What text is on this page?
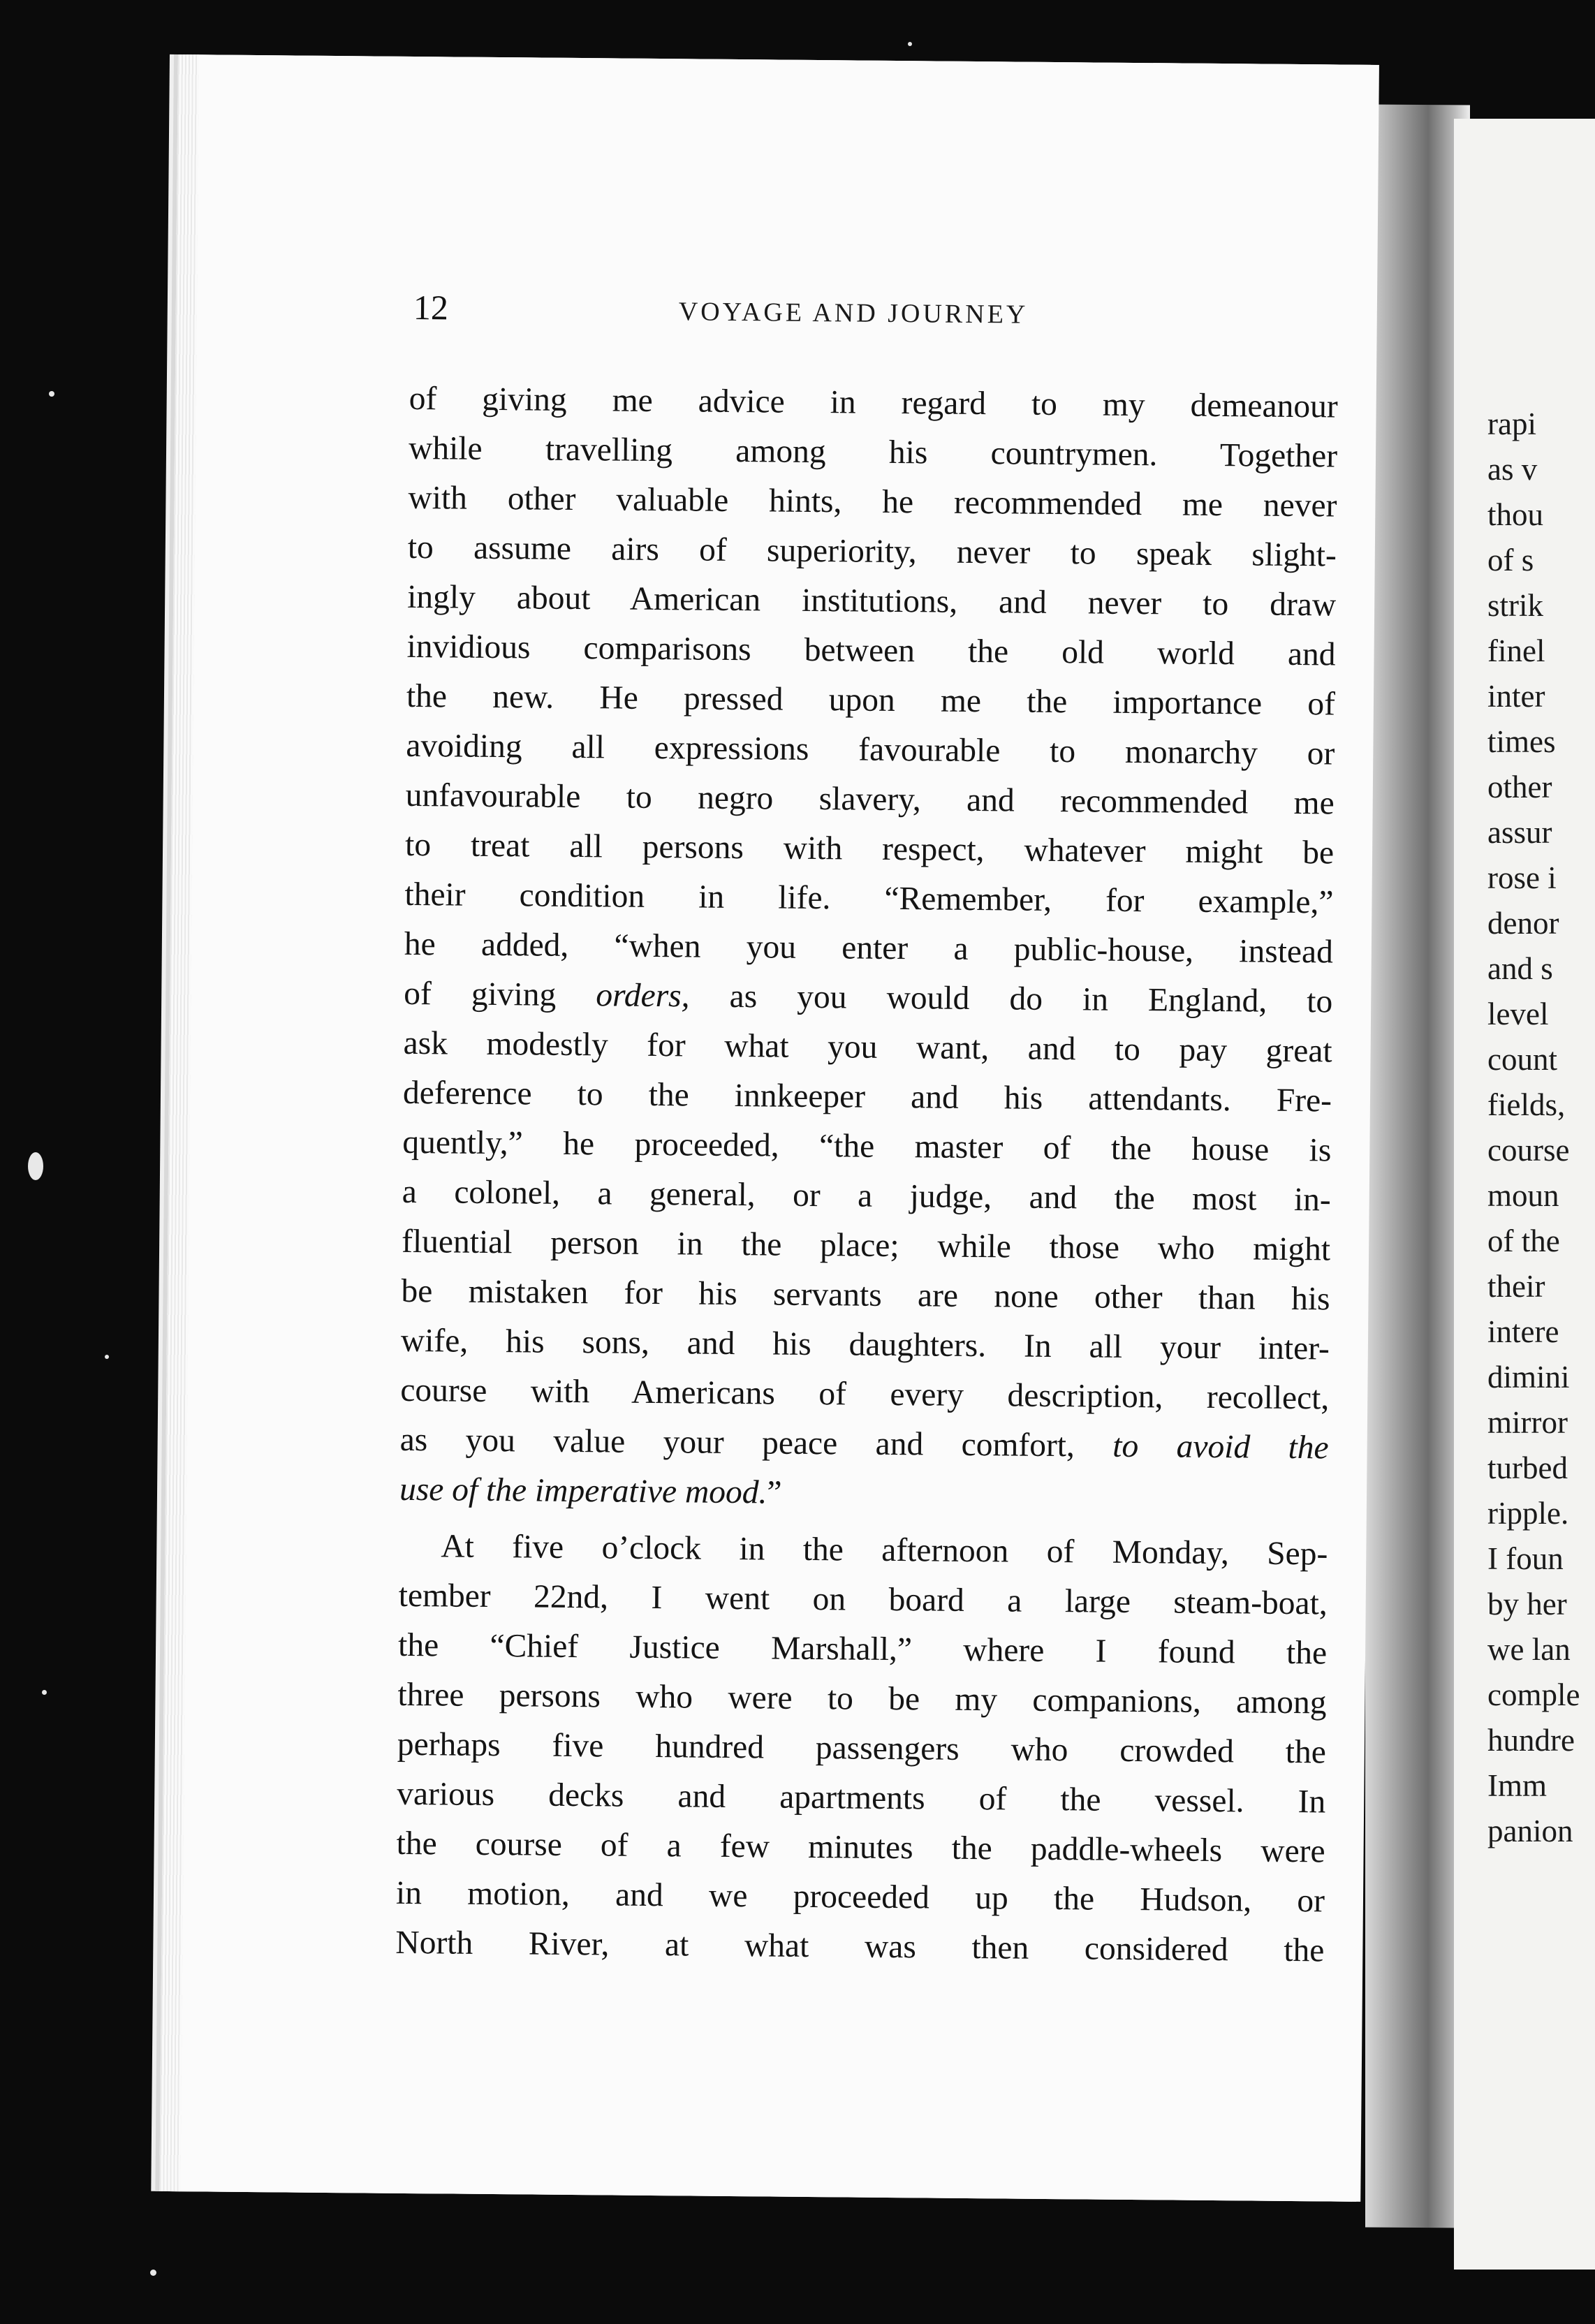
rapi
as v
thou
of s
strik
finel
inter
times
other
assur
rose i
denor
and s
level
count
fields,
course
moun
of the
their
intere
dimini
mirror
turbed
ripple.
I foun
by her
we lan
comple
hundre
Imm
panion
12	VOYAGE AND JOURNEY
of giving me advice in regard to my demeanour
while travelling among his countrymen. Together
with other valuable hints, he recommended me never
to assume airs of superiority, never to speak slight-
ingly about American institutions, and never to draw
invidious comparisons between the old world and
the new. He pressed upon me the importance of
avoiding all expressions favourable to monarchy or
unfavourable to negro slavery, and recommended me
to treat all persons with respect, whatever might be
their condition in life. “Remember, for example,”
he added, “when you enter a public-house, instead
of giving orders, as you would do in England, to
ask modestly for what you want, and to pay great
deference to the innkeeper and his attendants. Fre-
quently,” he proceeded, “the master of the house is
a colonel, a general, or a judge, and the most in-
fluential person in the place; while those who might
be mistaken for his servants are none other than his
wife, his sons, and his daughters. In all your inter-
course with Americans of every description, recollect,
as you value your peace and comfort, to avoid the
use of the imperative mood.”
At five o’clock in the afternoon of Monday, Sep-
tember 22nd, I went on board a large steam-boat,
the “Chief Justice Marshall,” where I found the
three persons who were to be my companions, among
perhaps five hundred passengers who crowded the
various decks and apartments of the vessel. In
the course of a few minutes the paddle-wheels were
in motion, and we proceeded up the Hudson, or
North River, at what was then considered the
